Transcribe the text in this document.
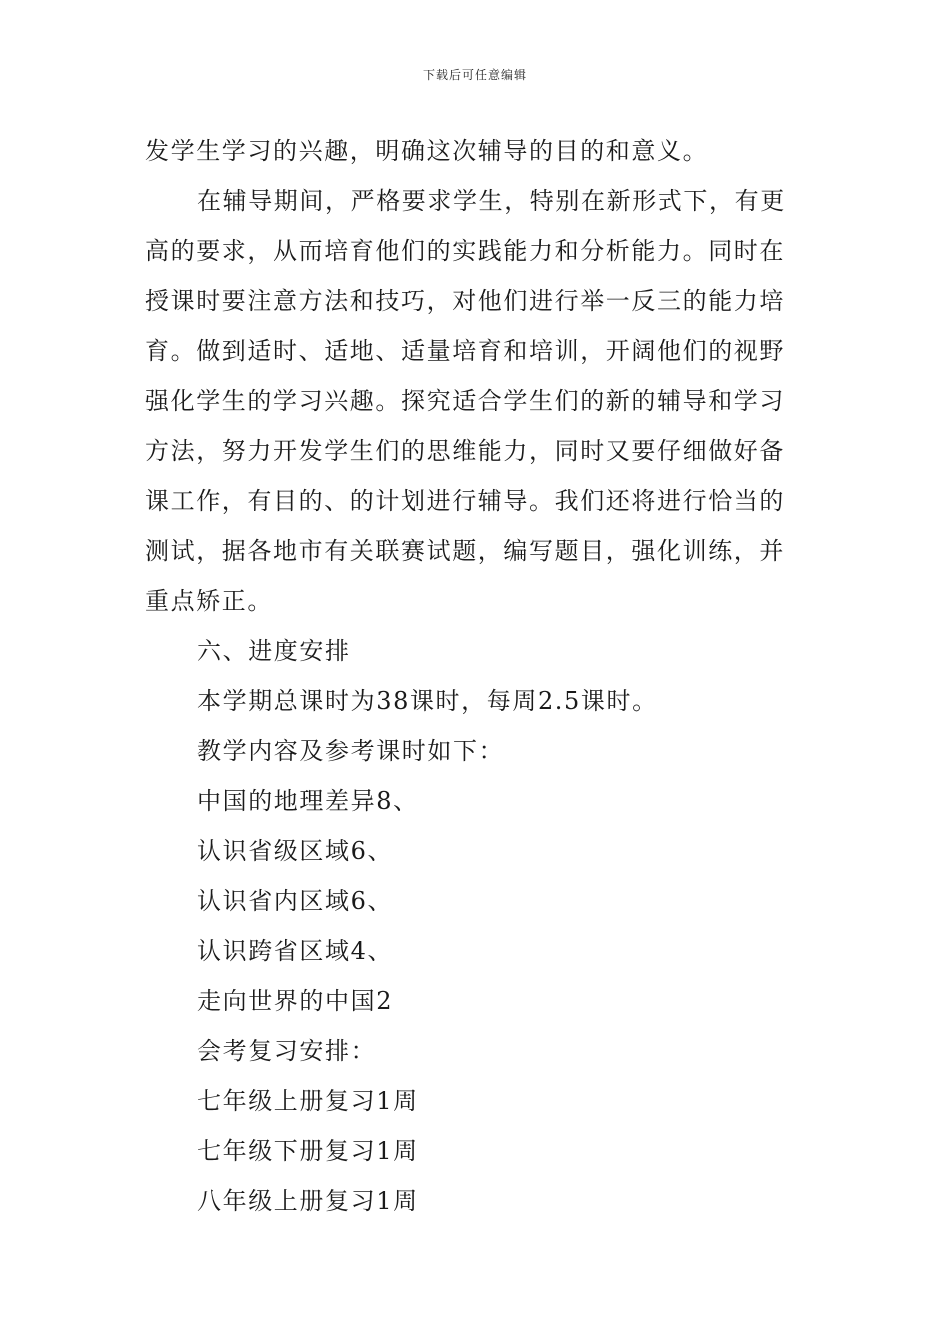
下载后可任意编辑

发学生学习的兴趣，明确这次辅导的目的和意义。

在辅导期间，严格要求学生，特别在新形式下，有更高的要求，从而培育他们的实践能力和分析能力。同时在授课时要注意方法和技巧，对他们进行举一反三的能力培育。做到适时、适地、适量培育和培训，开阔他们的视野强化学生的学习兴趣。探究适合学生们的新的辅导和学习方法，努力开发学生们的思维能力，同时又要仔细做好备课工作，有目的、的计划进行辅导。我们还将进行恰当的测试，据各地市有关联赛试题，编写题目，强化训练，并重点矫正。

六、进度安排

本学期总课时为38课时，每周2.5课时。

教学内容及参考课时如下：

中国的地理差异8、

认识省级区域6、

认识省内区域6、

认识跨省区域4、

走向世界的中国2

会考复习安排：

七年级上册复习1周

七年级下册复习1周

八年级上册复习1周
